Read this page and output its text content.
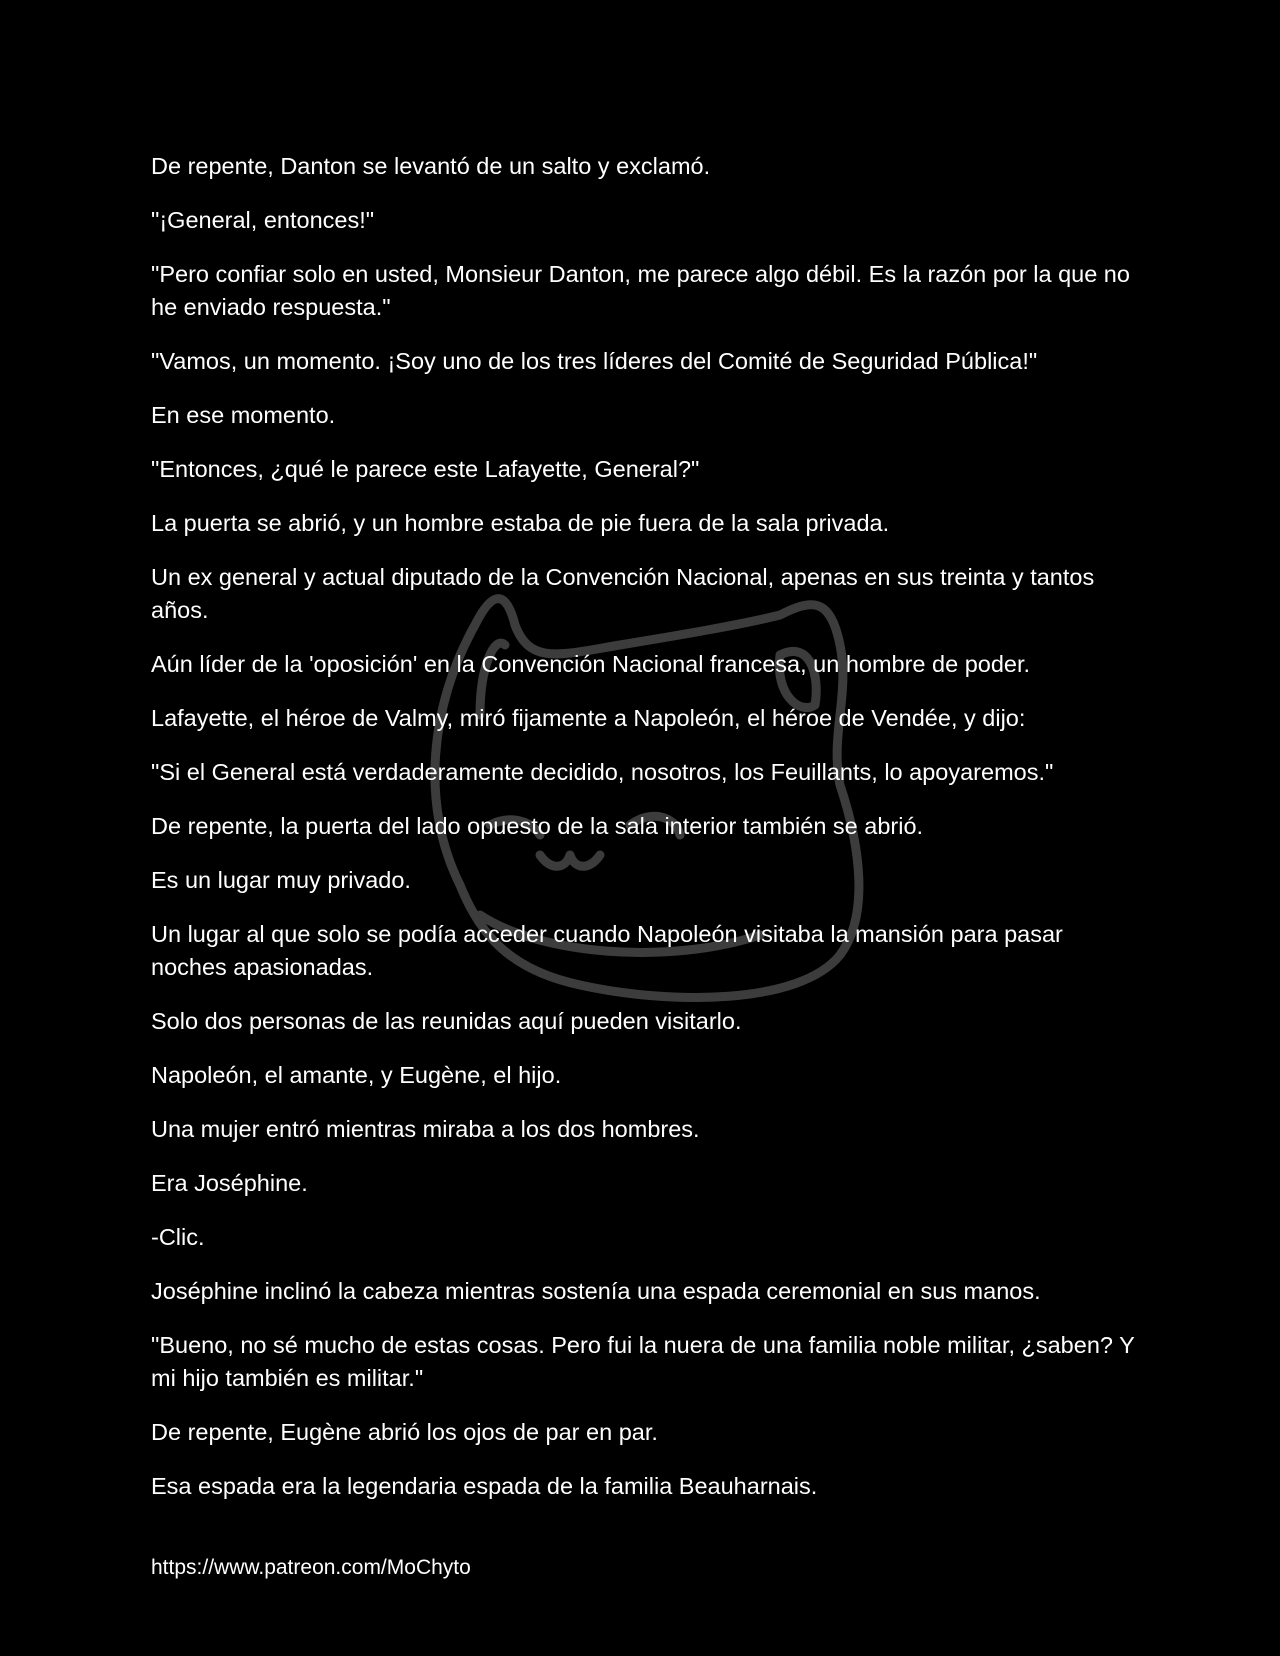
De repente, Danton se levantó de un salto y exclamó.

"¡General, entonces!"

"Pero confiar solo en usted, Monsieur Danton, me parece algo débil. Es la razón por la que no he enviado respuesta."

"Vamos, un momento. ¡Soy uno de los tres líderes del Comité de Seguridad Pública!"

En ese momento.

"Entonces, ¿qué le parece este Lafayette, General?"

La puerta se abrió, y un hombre estaba de pie fuera de la sala privada.

Un ex general y actual diputado de la Convención Nacional, apenas en sus treinta y tantos años.

Aún líder de la 'oposición' en la Convención Nacional francesa, un hombre de poder.

Lafayette, el héroe de Valmy, miró fijamente a Napoleón, el héroe de Vendée, y dijo:

"Si el General está verdaderamente decidido, nosotros, los Feuillants, lo apoyaremos."

De repente, la puerta del lado opuesto de la sala interior también se abrió.

Es un lugar muy privado.

Un lugar al que solo se podía acceder cuando Napoleón visitaba la mansión para pasar noches apasionadas.

Solo dos personas de las reunidas aquí pueden visitarlo.

Napoleón, el amante, y Eugène, el hijo.

Una mujer entró mientras miraba a los dos hombres.

Era Joséphine.

-Clic.

Joséphine inclinó la cabeza mientras sostenía una espada ceremonial en sus manos.

"Bueno, no sé mucho de estas cosas. Pero fui la nuera de una familia noble militar, ¿saben? Y mi hijo también es militar."

De repente, Eugène abrió los ojos de par en par.

Esa espada era la legendaria espada de la familia Beauharnais.

https://www.patreon.com/MoChyto
